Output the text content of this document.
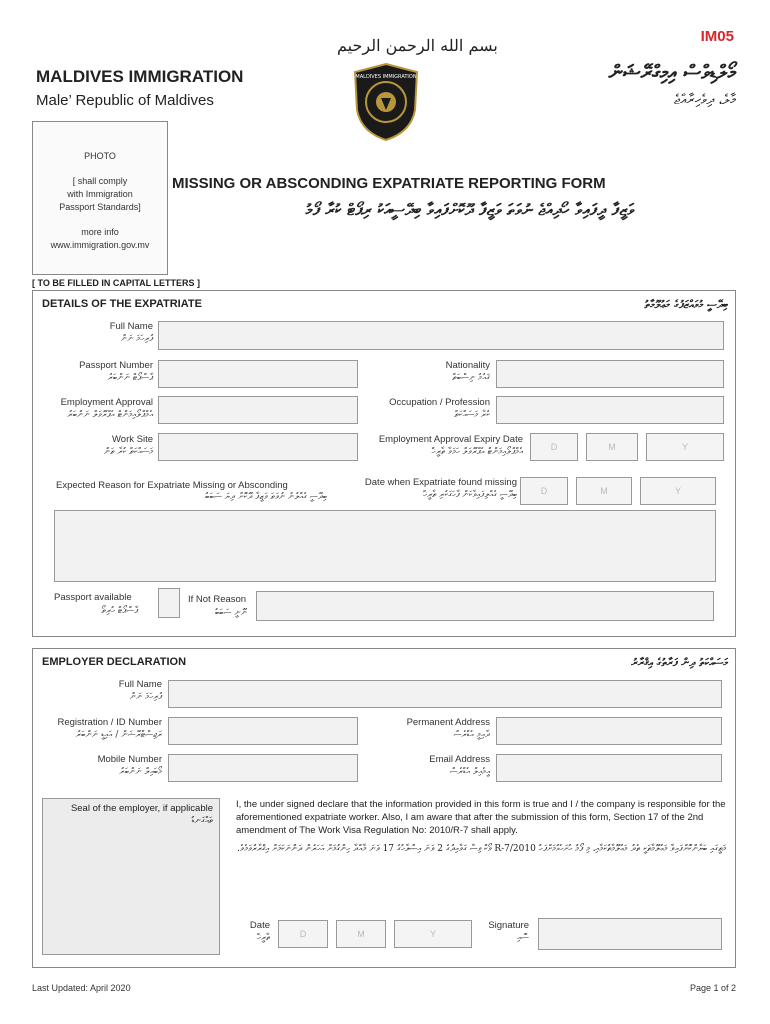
IM05
މޯލްޑިވްސް އިމިގްރޭޝަން
މާލެ، ދިވެހިރާއްޖެ
MALDIVES IMMIGRATION
Male’ Republic of Maldives
بسم الله الرحمن الرحيم
MALDIVES IMMIGRATION
PHOTO
[ shall comply
with Immigration
Passport Standards]
more info
www.immigration.gov.mv
MISSING OR ABSCONDING EXPATRIATE REPORTING FORM
ވަޒީފާ ދީފައިވާ ހޯދިއްޖެ ނުވަތަ ވަޒީފާ ދޫކޮށްފައިވާ ބިދޭސީއަކު ރިޕޯޓް ކުރާ ފޯމު
[ TO BE FILLED IN CAPITAL LETTERS ]
DETAILS OF THE EXPATRIATE	ބިދޭސީ މުވައްޒަފުގެ މަޢުލޫމާތު
Full Name
ފުރިހަމަ ނަން
Passport Number
ޕާސްޕޯޓް ނަންބަރު
Nationality
ޤައުމު ނިސްބަތް
Employment Approval
އެމްޕްލޯއިމަންޓް އެޕްރޫވަލް ނަންބަރު
Occupation / Profession
ކުރާ މަސައްކަތް
Work Site
މަސައްކަތް ކުރާ ތަން
Employment Approval Expiry Date
އެމްޕްލޯއިމަންޓް އެޕްރޫވަލް ހަމަވާ ތާރީޚް	D	M	Y
Expected Reason for Expatriate Missing or Absconding
ބިދޭސީ ގެއްލުނު ނުވަތަ ވަޒީފާ ދޫކޮށް ދިޔަ ސަބަބު
Date when Expatriate found missing
ބިދޭސީ ގެއްލިފައިވާކަން ފާހަގަކުރި ތާރީޚް	D	M	Y
Passport available
ޕާސްޕޯޓް ހުރިތޯ
If Not Reason
ނޫނީ ސަބަބު
EMPLOYER DECLARATION	މަސައްކަތު ދިން ފަރާތުގެ އިޤްރާރު
Full Name
ފުރިހަމަ ނަން
Registration / ID Number
ރަޖިސްޓްރޭޝަން / އައިޑީ ނަންބަރު
Permanent Address
ދާއިމީ އެޑްރެސް
Mobile Number
މޯބައިލް ނަންބަރު
Email Address
އީމެއިލް އެޑްރެސް
Seal of the employer, if applicable
ތައްގަނޑު
I, the under signed declare that the information provided in this form is true and I / the company is responsible for the aforementioned expatriate worker. Also, I am aware that after the submission of this form, Section 17 of the 2nd amendment of The Work Visa Regulation No: 2010/R-7 shall apply.
މަތީގައި ބަޔާންކޮށްފައިވާ މަޢުލޫމާތަކީ ތެދު މަޢުލޫމާތުކަމާއި، މި ފޯމު ހުށަހެޅުމަށްފަހު 2010/R-7 ވޯކް ވިސާ ގަވާއިދުގެ 2 ވަނަ އިޞްލާހުގެ 17 ވަނަ މާއްދާ ހިންގުމަށް އަހަރެން ދަންނަކަމަށް އިޤްރާރުވަމެވެ.
Date
ތާރީޚް	D	M	Y
Signature
ސޮއި
Last Updated: April 2020	Page 1 of 2
